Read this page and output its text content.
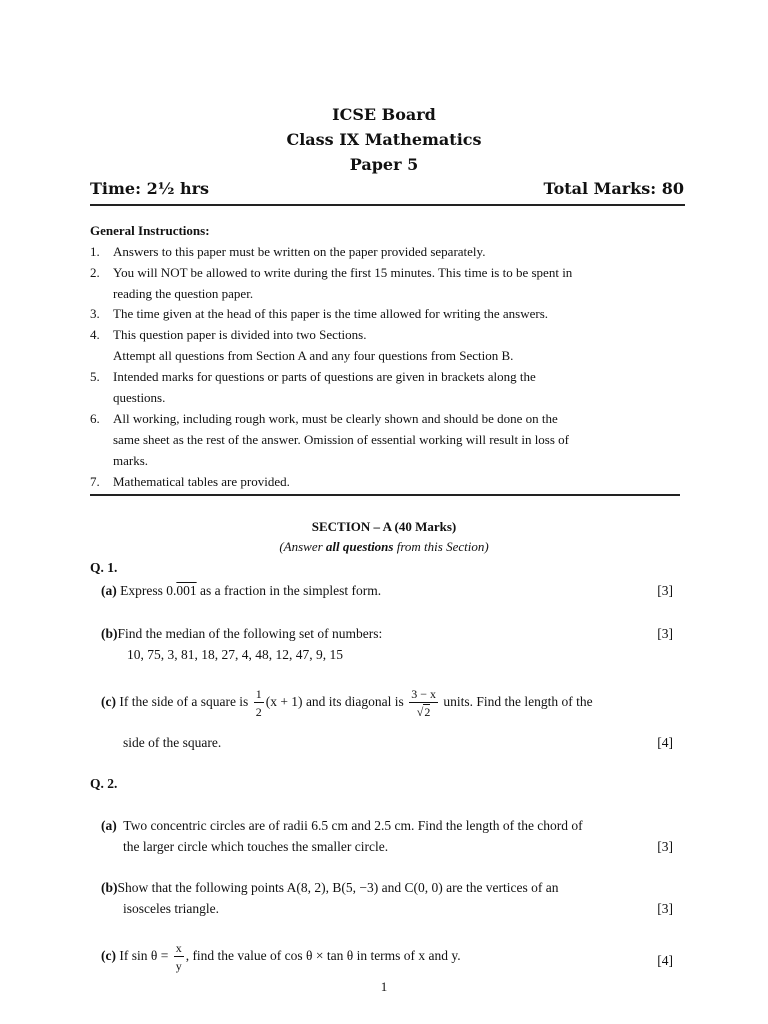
ICSE Board
Class IX Mathematics
Paper 5
Time: 2½ hrs	Total Marks: 80
General Instructions:
1. Answers to this paper must be written on the paper provided separately.
2. You will NOT be allowed to write during the first 15 minutes. This time is to be spent in
reading the question paper.
3. The time given at the head of this paper is the time allowed for writing the answers.
4. This question paper is divided into two Sections.
Attempt all questions from Section A and any four questions from Section B.
5. Intended marks for questions or parts of questions are given in brackets along the
questions.
6. All working, including rough work, must be clearly shown and should be done on the
same sheet as the rest of the answer. Omission of essential working will result in loss of
marks.
7. Mathematical tables are provided.
SECTION – A (40 Marks)
(Answer all questions from this Section)
Q. 1.
(a) Express 0.001 as a fraction in the simplest form.	[3]
(b)Find the median of the following set of numbers:	[3]
10, 75, 3, 81, 18, 27, 4, 48, 12, 47, 9, 15
(c) If the side of a square is $\frac{1}{2} (x + 1)$ and its diagonal is $\frac{3 - x}{√2}$ units. Find the length of the
side of the square.	[4]
Q. 2.
(a) Two concentric circles are of radii 6.5 cm and 2.5 cm. Find the length of the chord of
the larger circle which touches the smaller circle.	[3]
(b)Show that the following points A(8, 2), B(5, −3) and C(0, 0) are the vertices of an
isosceles triangle.	[3]
(c) If $\sin \theta = \frac{x}{y}$ , find the value of cos θ × tan θ in terms of x and y.	[4]
1
